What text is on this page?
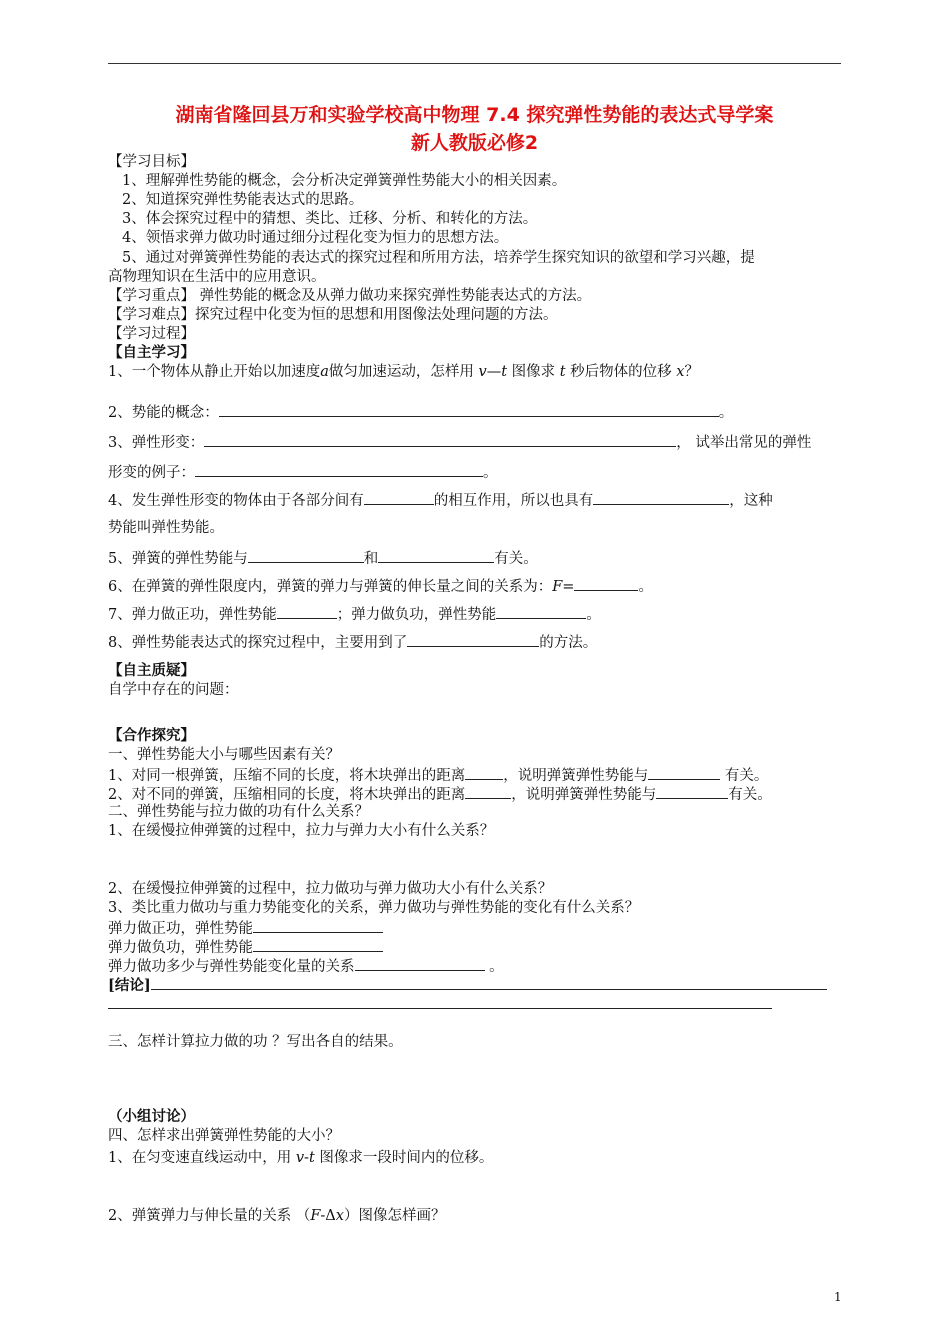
湖南省隆回县万和实验学校高中物理 7.4 探究弹性势能的表达式导学案
新人教版必修2
【学习目标】
1、理解弹性势能的概念，会分析决定弹簧弹性势能大小的相关因素。
2、知道探究弹性势能表达式的思路。
3、体会探究过程中的猜想、类比、迁移、分析、和转化的方法。
4、领悟求弹力做功时通过细分过程化变为恒力的思想方法。
5、通过对弹簧弹性势能的表达式的探究过程和所用方法，培养学生探究知识的欲望和学习兴趣，提
高物理知识在生活中的应用意识。
【学习重点】 弹性势能的概念及从弹力做功来探究弹性势能表达式的方法。
【学习难点】探究过程中化变为恒的思想和用图像法处理问题的方法。
【学习过程】
【自主学习】
1、一个物体从静止开始以加速度a做匀加速运动，怎样用 v—t 图像求 t 秒后物体的位移 x？
2、势能的概念：	。
3、弹性形变：	， 试举出常见的弹性
形变的例子：	。
4、发生弹性形变的物体由于各部分间有	的相互作用，所以也具有	，这种
势能叫弹性势能。
5、弹簧的弹性势能与	和	有关。
6、在弹簧的弹性限度内，弹簧的弹力与弹簧的伸长量之间的关系为：F=	。
7、弹力做正功，弹性势能	；弹力做负功，弹性势能	。
8、弹性势能表达式的探究过程中，主要用到了	的方法。
【自主质疑】
自学中存在的问题：
【合作探究】
一、弹性势能大小与哪些因素有关？
1、对同一根弹簧，压缩不同的长度，将木块弹出的距离	，说明弹簧弹性势能与	有关。
2、对不同的弹簧，压缩相同的长度，将木块弹出的距离	，说明弹簧弹性势能与	有关。
二、弹性势能与拉力做的功有什么关系？
1、在缓慢拉伸弹簧的过程中，拉力与弹力大小有什么关系？
2、在缓慢拉伸弹簧的过程中，拉力做功与弹力做功大小有什么关系？
3、类比重力做功与重力势能变化的关系，弹力做功与弹性势能的变化有什么关系？
弹力做正功，弹性势能
弹力做负功，弹性势能
弹力做功多少与弹性势能变化量的关系	。
[结论]
三、怎样计算拉力做的功 ？写出各自的结果。
（小组讨论）
四、怎样求出弹簧弹性势能的大小？
1、在匀变速直线运动中，用 v-t 图像求一段时间内的位移。
2、弹簧弹力与伸长量的关系 （F-Δx）图像怎样画？
1
